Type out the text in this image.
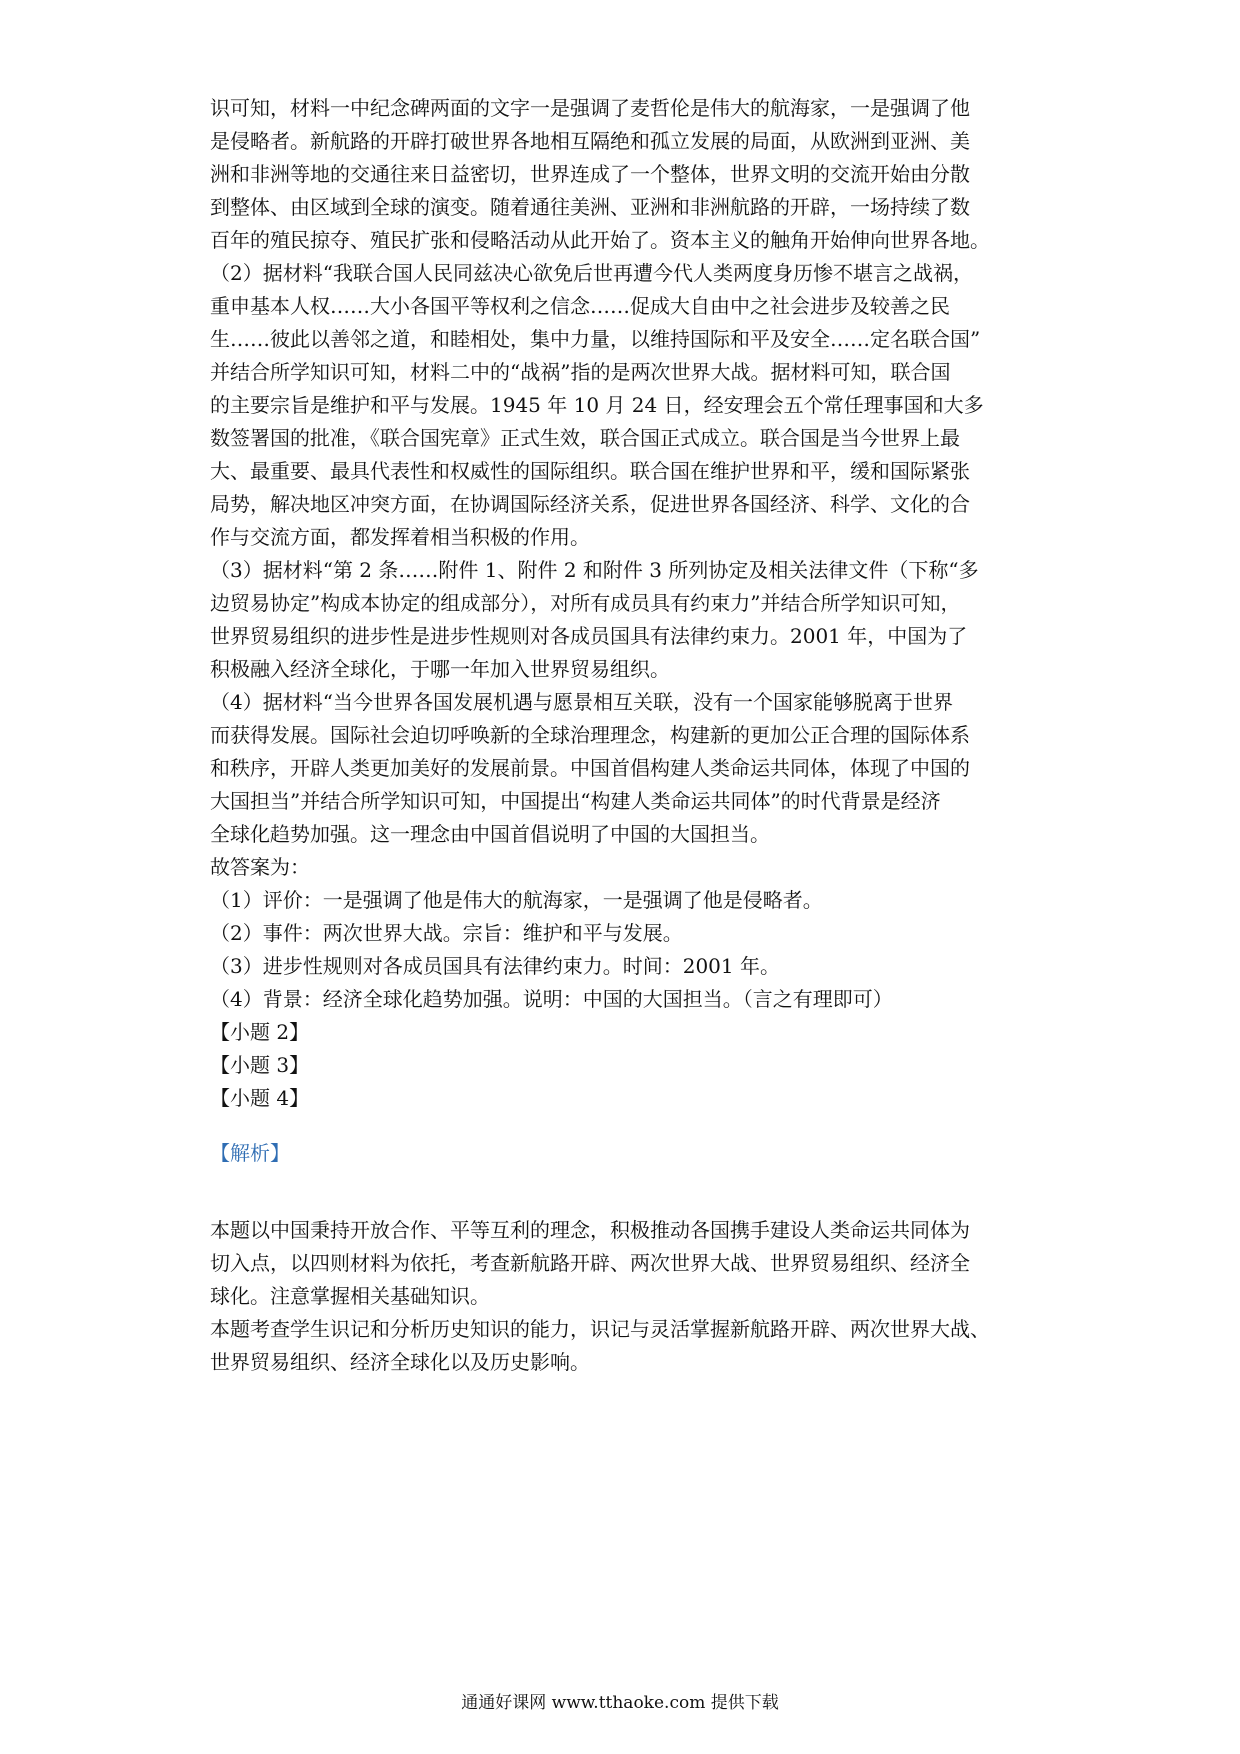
识可知，材料一中纪念碑两面的文字一是强调了麦哲伦是伟大的航海家，一是强调了他
是侵略者。新航路的开辟打破世界各地相互隔绝和孤立发展的局面，从欧洲到亚洲、美
洲和非洲等地的交通往来日益密切，世界连成了一个整体，世界文明的交流开始由分散
到整体、由区域到全球的演变。随着通往美洲、亚洲和非洲航路的开辟，一场持续了数
百年的殖民掠夺、殖民扩张和侵略活动从此开始了。资本主义的触角开始伸向世界各地。
（2）据材料“我联合国人民同兹决心欲免后世再遭今代人类两度身历惨不堪言之战祸，
重申基本人权……大小各国平等权利之信念……促成大自由中之社会进步及较善之民
生……彼此以善邻之道，和睦相处，集中力量，以维持国际和平及安全……定名联合国”
并结合所学知识可知，材料二中的“战祸”指的是两次世界大战。据材料可知，联合国
的主要宗旨是维护和平与发展。1945 年 10 月 24 日，经安理会五个常任理事国和大多
数签署国的批准，《联合国宪章》正式生效，联合国正式成立。联合国是当今世界上最
大、最重要、最具代表性和权威性的国际组织。联合国在维护世界和平，缓和国际紧张
局势，解决地区冲突方面，在协调国际经济关系，促进世界各国经济、科学、文化的合
作与交流方面，都发挥着相当积极的作用。
（3）据材料“第 2 条……附件 1、附件 2 和附件 3 所列协定及相关法律文件（下称“多
边贸易协定”构成本协定的组成部分），对所有成员具有约束力”并结合所学知识可知，
世界贸易组织的进步性是进步性规则对各成员国具有法律约束力。2001 年，中国为了
积极融入经济全球化，于哪一年加入世界贸易组织。
（4）据材料“当今世界各国发展机遇与愿景相互关联，没有一个国家能够脱离于世界
而获得发展。国际社会迫切呼唤新的全球治理理念，构建新的更加公正合理的国际体系
和秩序，开辟人类更加美好的发展前景。中国首倡构建人类命运共同体，体现了中国的
大国担当”并结合所学知识可知，中国提出“构建人类命运共同体”的时代背景是经济
全球化趋势加强。这一理念由中国首倡说明了中国的大国担当。
故答案为：
（1）评价：一是强调了他是伟大的航海家，一是强调了他是侵略者。
（2）事件：两次世界大战。宗旨：维护和平与发展。
（3）进步性规则对各成员国具有法律约束力。时间：2001 年。
（4）背景：经济全球化趋势加强。说明：中国的大国担当。（言之有理即可）
【小题 2】
【小题 3】
【小题 4】
【解析】
本题以中国秉持开放合作、平等互利的理念，积极推动各国携手建设人类命运共同体为
切入点，以四则材料为依托，考查新航路开辟、两次世界大战、世界贸易组织、经济全
球化。注意掌握相关基础知识。
本题考查学生识记和分析历史知识的能力，识记与灵活掌握新航路开辟、两次世界大战、
世界贸易组织、经济全球化以及历史影响。
通通好课网 www.tthaoke.com 提供下载
